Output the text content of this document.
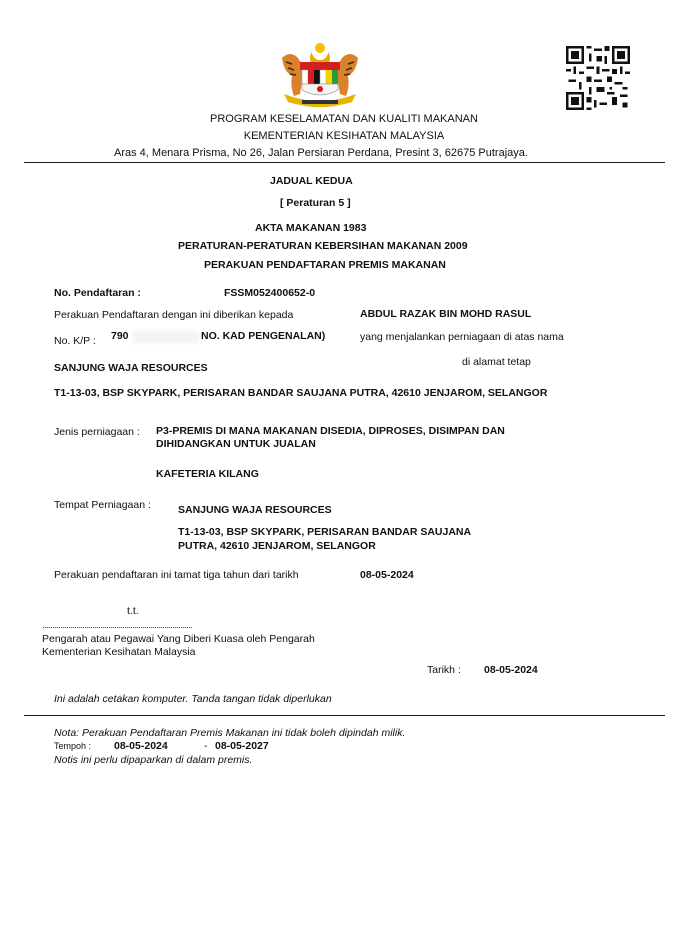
PROGRAM KESELAMATAN DAN KUALITI MAKANAN
KEMENTERIAN KESIHATAN MALAYSIA
Aras 4, Menara Prisma, No 26, Jalan Persiaran Perdana, Presint 3, 62675 Putrajaya.
JADUAL KEDUA
[ Peraturan 5 ]
AKTA MAKANAN 1983
PERATURAN-PERATURAN KEBERSIHAN MAKANAN 2009
PERAKUAN PENDAFTARAN PREMIS MAKANAN
No. Pendaftaran :	FSSM052400652-0
Perakuan Pendaftaran dengan ini diberikan kepada	ABDUL RAZAK BIN MOHD RASUL
No. K/P : 790	NO. KAD PENGENALAN)	yang menjalankan perniagaan di atas nama
di alamat tetap
SANJUNG WAJA RESOURCES
T1-13-03, BSP SKYPARK, PERISARAN BANDAR SAUJANA PUTRA, 42610 JENJAROM, SELANGOR
Jenis perniagaan : P3-PREMIS DI MANA MAKANAN DISEDIA, DIPROSES, DISIMPAN DAN
DIHIDANGKAN UNTUK JUALAN
KAFETERIA KILANG
Tempat Perniagaan :	SANJUNG WAJA RESOURCES
T1-13-03, BSP SKYPARK, PERISARAN BANDAR SAUJANA
PUTRA, 42610 JENJAROM, SELANGOR
Perakuan pendaftaran ini tamat tiga tahun dari tarikh	08-05-2024
t.t.
...........................................................................
Pengarah atau Pegawai Yang Diberi Kuasa oleh Pengarah
Kementerian Kesihatan Malaysia
Tarikh : 08-05-2024
Ini adalah cetakan komputer. Tanda tangan tidak diperlukan
Nota: Perakuan Pendaftaran Premis Makanan ini tidak boleh dipindah milik.
Tempoh : 08-05-2024	- 08-05-2027
Notis ini perlu dipaparkan di dalam premis.
